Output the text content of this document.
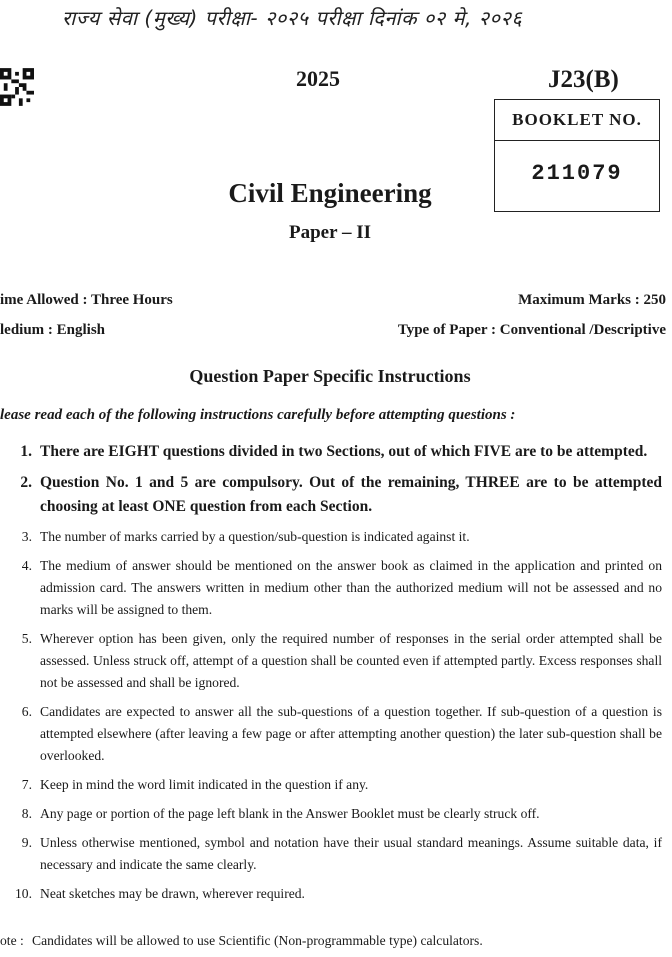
राज्य सेवा (मुख्य) परीक्षा- २०२५ परीक्षा दिनांक ०२ मे, २०२६
2025	J23(B)
BOOKLET NO.
211079
Civil Engineering
Paper – II
ime Allowed : Three Hours	Maximum Marks : 250
ledium : English	Type of Paper : Conventional /Descriptive
Question Paper Specific Instructions
lease read each of the following instructions carefully before attempting questions :
1. There are EIGHT questions divided in two Sections, out of which FIVE are to be attempted.
2. Question No. 1 and 5 are compulsory. Out of the remaining, THREE are to be attempted choosing at least ONE question from each Section.
3. The number of marks carried by a question/sub-question is indicated against it.
4. The medium of answer should be mentioned on the answer book as claimed in the application and printed on admission card. The answers written in medium other than the authorized medium will not be assessed and no marks will be assigned to them.
5. Wherever option has been given, only the required number of responses in the serial order attempted shall be assessed. Unless struck off, attempt of a question shall be counted even if attempted partly. Excess responses shall not be assessed and shall be ignored.
6. Candidates are expected to answer all the sub-questions of a question together. If sub-question of a question is attempted elsewhere (after leaving a few page or after attempting another question) the later sub-question shall be overlooked.
7. Keep in mind the word limit indicated in the question if any.
8. Any page or portion of the page left blank in the Answer Booklet must be clearly struck off.
9. Unless otherwise mentioned, symbol and notation have their usual standard meanings. Assume suitable data, if necessary and indicate the same clearly.
10. Neat sketches may be drawn, wherever required.
ote : Candidates will be allowed to use Scientific (Non-programmable type) calculators.
